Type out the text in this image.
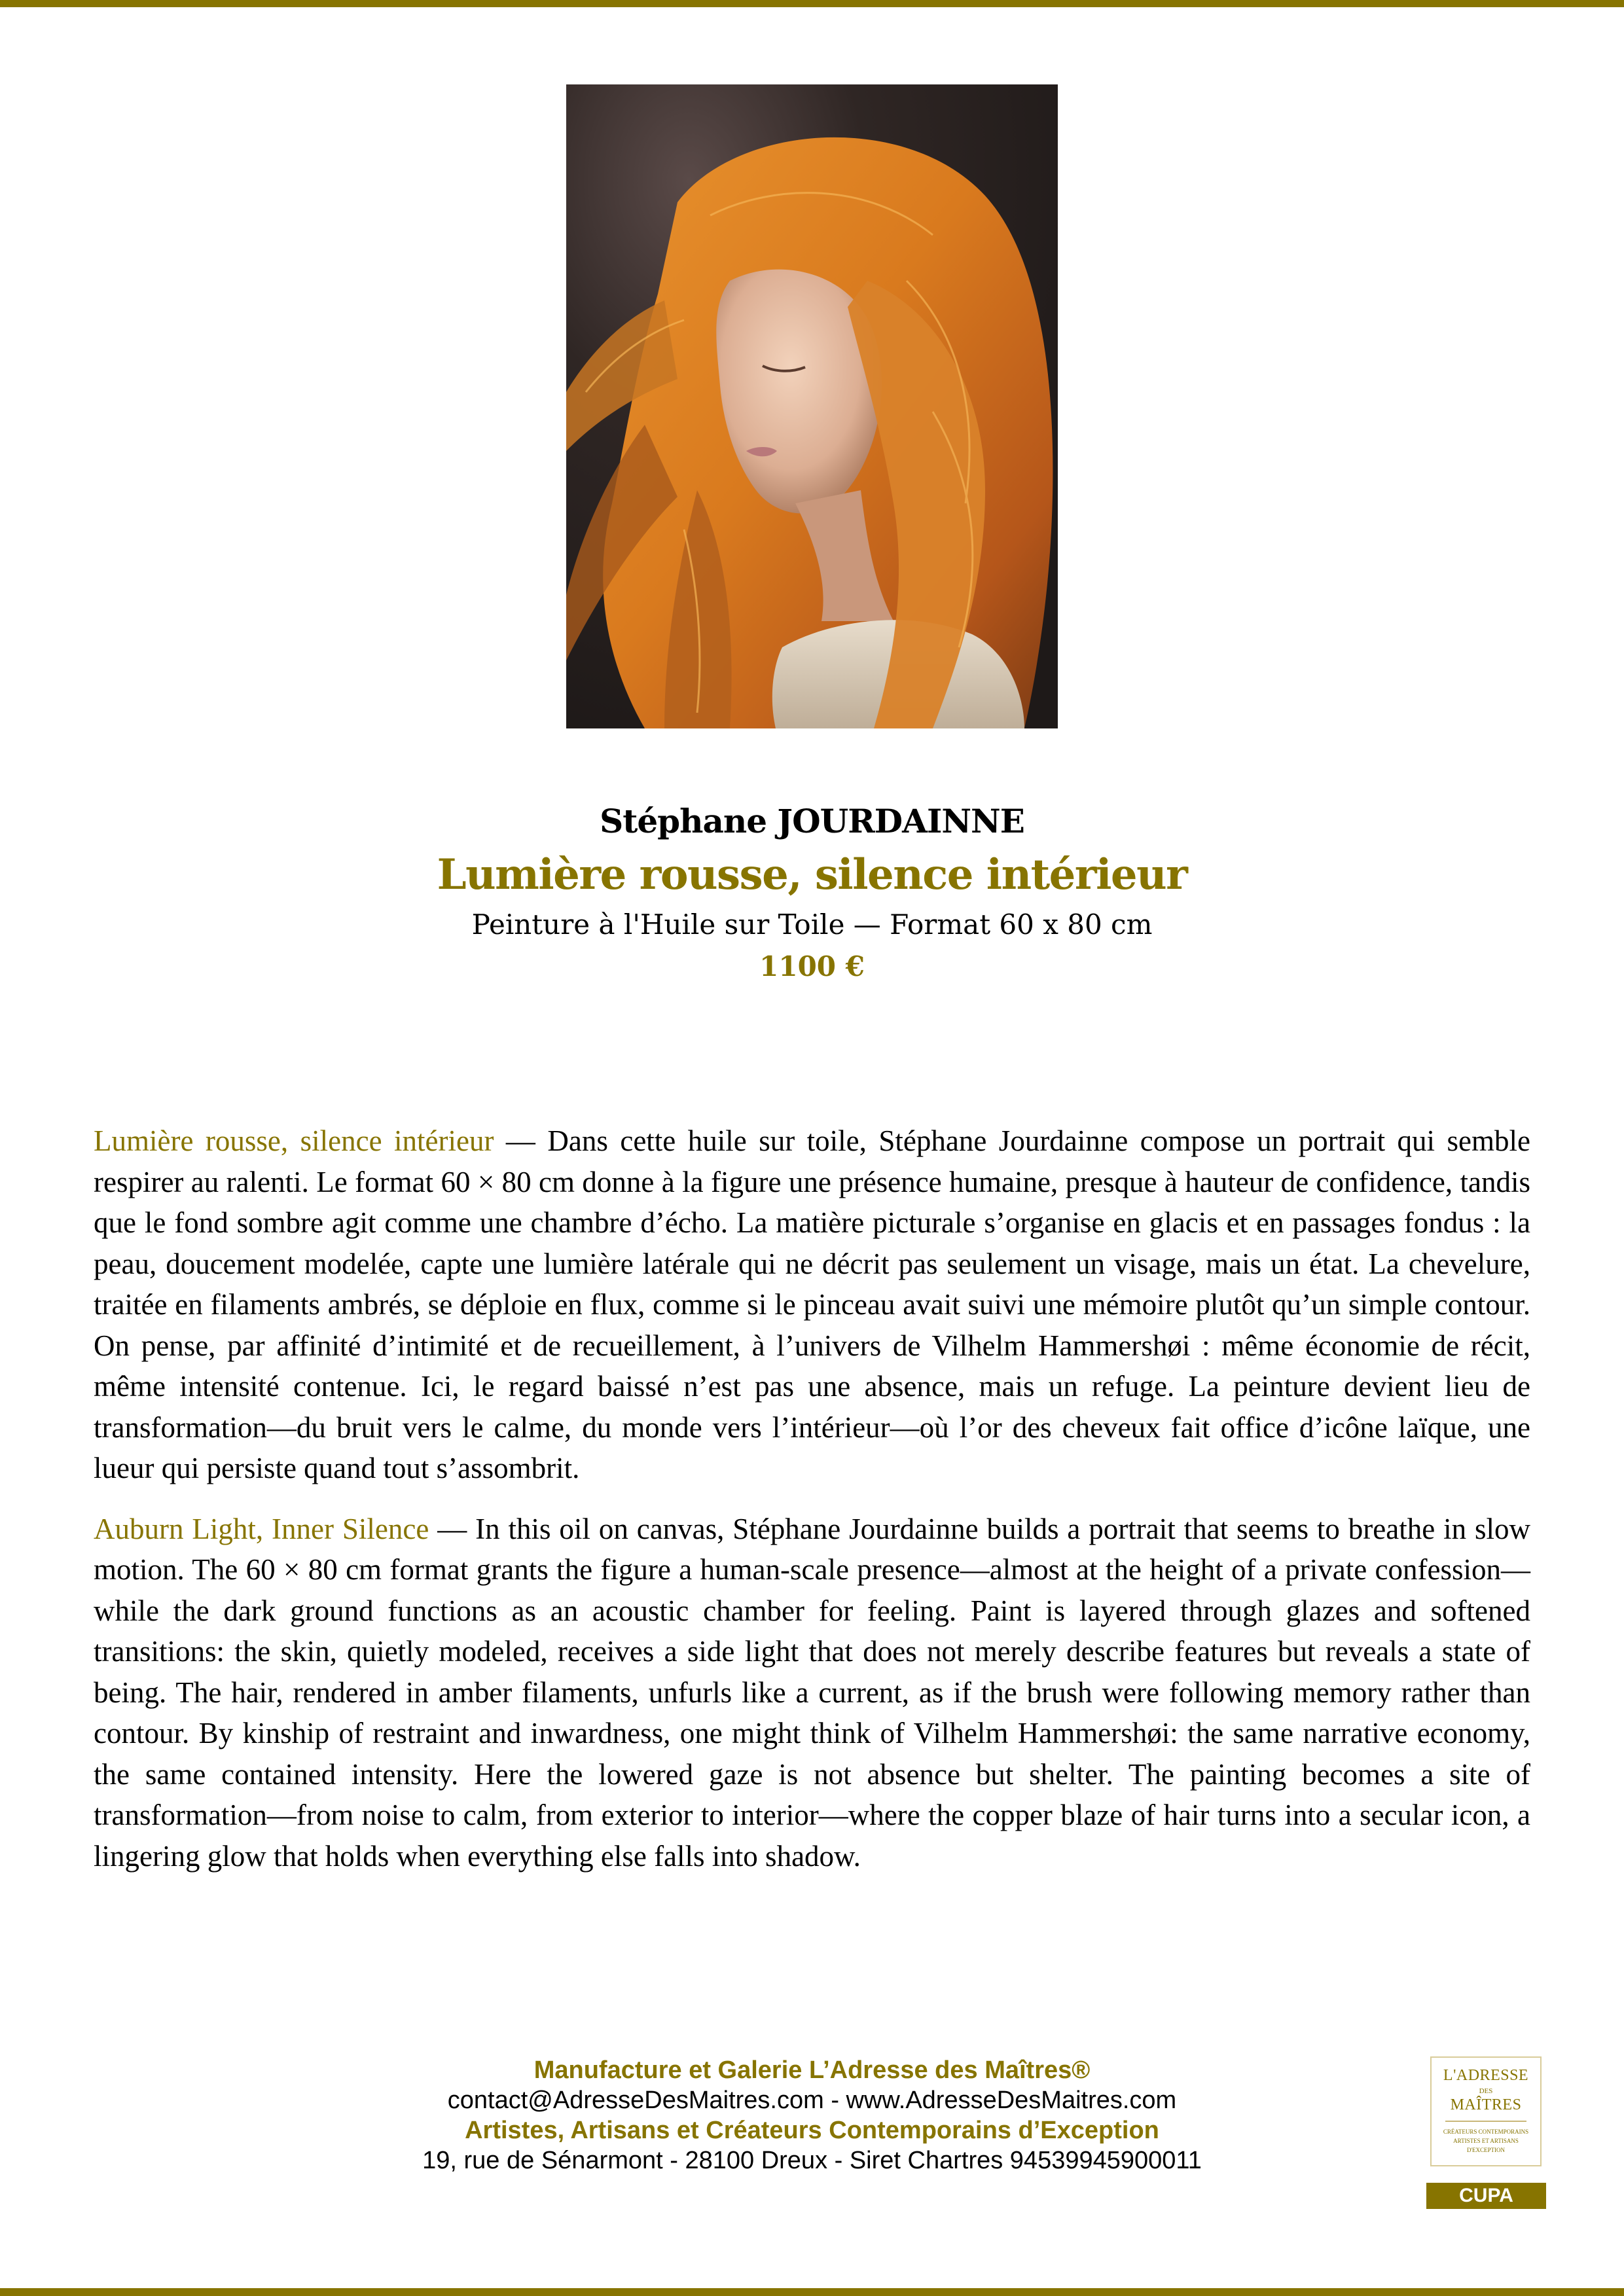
Stéphane JOURDAINNE
Lumière rousse, silence intérieur
Peinture à l'Huile sur Toile — Format 60 x 80 cm
1100 €

Lumière rousse, silence intérieur — Dans cette huile sur toile, Stéphane Jourdainne compose un portrait qui semble respirer au ralenti. Le format 60 × 80 cm donne à la figure une présence humaine, presque à hauteur de confidence, tandis que le fond sombre agit comme une chambre d’écho. La matière picturale s’organise en glacis et en passages fondus : la peau, doucement modelée, capte une lumière latérale qui ne décrit pas seulement un visage, mais un état. La chevelure, traitée en filaments ambrés, se déploie en flux, comme si le pinceau avait suivi une mémoire plutôt qu’un simple contour. On pense, par affinité d’intimité et de recueillement, à l’univers de Vilhelm Hammershøi : même économie de récit, même intensité contenue. Ici, le regard baissé n’est pas une absence, mais un refuge. La peinture devient lieu de transformation—du bruit vers le calme, du monde vers l’intérieur—où l’or des cheveux fait office d’icône laïque, une lueur qui persiste quand tout s’assombrit.

Auburn Light, Inner Silence — In this oil on canvas, Stéphane Jourdainne builds a portrait that seems to breathe in slow motion. The 60 × 80 cm format grants the figure a human-scale presence—almost at the height of a private confession—while the dark ground functions as an acoustic chamber for feeling. Paint is layered through glazes and softened transitions: the skin, quietly modeled, receives a side light that does not merely describe features but reveals a state of being. The hair, rendered in amber filaments, unfurls like a current, as if the brush were following memory rather than contour. By kinship of restraint and inwardness, one might think of Vilhelm Hammershøi: the same narrative economy, the same contained intensity. Here the lowered gaze is not absence but shelter. The painting becomes a site of transformation—from noise to calm, from exterior to interior—where the copper blaze of hair turns into a secular icon, a lingering glow that holds when everything else falls into shadow.

Manufacture et Galerie L’Adresse des Maîtres®
contact@AdresseDesMaitres.com - www.AdresseDesMaitres.com
Artistes, Artisans et Créateurs Contemporains d’Exception
19, rue de Sénarmont - 28100 Dreux - Siret Chartres 94539945900011
L'ADRESSE
DES
MAÎTRES
CRÉATEURS CONTEMPORAINS
ARTISTES ET ARTISANS
D'EXCEPTION
CUPA
